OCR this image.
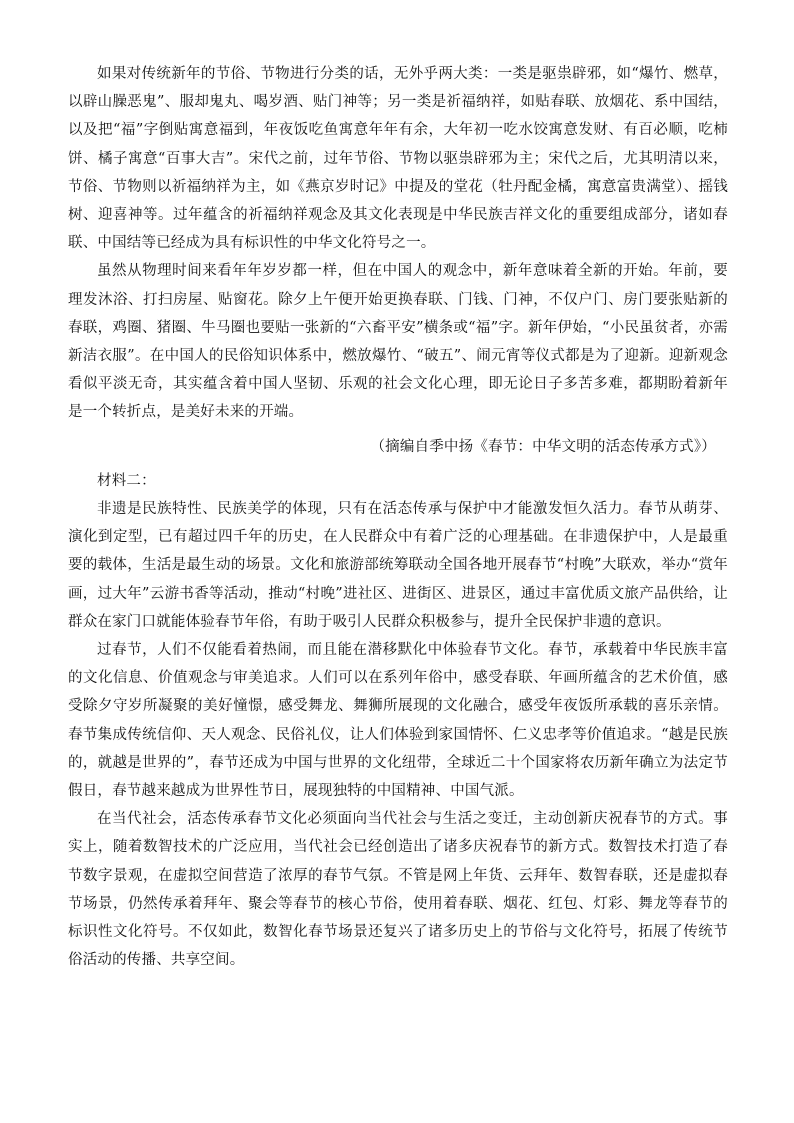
如果对传统新年的节俗、节物进行分类的话，无外乎两大类：一类是驱祟辟邪，如“爆竹、燃草，以辟山臊恶鬼”、服却鬼丸、喝岁酒、贴门神等；另一类是祈福纳祥，如贴春联、放烟花、系中国结，以及把“福”字倒贴寓意福到，年夜饭吃鱼寓意年年有余，大年初一吃水饺寓意发财、有百必顺，吃柿饼、橘子寓意“百事大吉”。宋代之前，过年节俗、节物以驱祟辟邪为主；宋代之后，尤其明清以来，节俗、节物则以祈福纳祥为主，如《燕京岁时记》中提及的堂花（牡丹配金橘，寓意富贵满堂）、摇钱树、迎喜神等。过年蕴含的祈福纳祥观念及其文化表现是中华民族吉祥文化的重要组成部分，诸如春联、中国结等已经成为具有标识性的中华文化符号之一。

虽然从物理时间来看年年岁岁都一样，但在中国人的观念中，新年意味着全新的开始。年前，要理发沐浴、打扫房屋、贴窗花。除夕上午便开始更换春联、门钱、门神，不仅户门、房门要张贴新的春联，鸡圈、猪圈、牛马圈也要贴一张新的“六畜平安”横条或“福”字。新年伊始，“小民虽贫者，亦需新洁衣服”。在中国人的民俗知识体系中，燃放爆竹、“破五”、闹元宵等仪式都是为了迎新。迎新观念看似平淡无奇，其实蕴含着中国人坚韧、乐观的社会文化心理，即无论日子多苦多难，都期盼着新年是一个转折点，是美好未来的开端。

（摘编自季中扬《春节：中华文明的活态传承方式》）

材料二：

非遗是民族特性、民族美学的体现，只有在活态传承与保护中才能激发恒久活力。春节从萌芽、演化到定型，已有超过四千年的历史，在人民群众中有着广泛的心理基础。在非遗保护中，人是最重要的载体，生活是最生动的场景。文化和旅游部统筹联动全国各地开展春节“村晚”大联欢，举办“赏年画，过大年”云游书香等活动，推动“村晚”进社区、进街区、进景区，通过丰富优质文旅产品供给，让群众在家门口就能体验春节年俗，有助于吸引人民群众积极参与，提升全民保护非遗的意识。

过春节，人们不仅能看着热闹，而且能在潜移默化中体验春节文化。春节，承载着中华民族丰富的文化信息、价值观念与审美追求。人们可以在系列年俗中，感受春联、年画所蕴含的艺术价值，感受除夕守岁所凝聚的美好憧憬，感受舞龙、舞狮所展现的文化融合，感受年夜饭所承载的喜乐亲情。春节集成传统信仰、天人观念、民俗礼仪，让人们体验到家国情怀、仁义忠孝等价值追求。“越是民族的，就越是世界的”，春节还成为中国与世界的文化纽带，全球近二十个国家将农历新年确立为法定节假日，春节越来越成为世界性节日，展现独特的中国精神、中国气派。

在当代社会，活态传承春节文化必须面向当代社会与生活之变迁，主动创新庆祝春节的方式。事实上，随着数智技术的广泛应用，当代社会已经创造出了诸多庆祝春节的新方式。数智技术打造了春节数字景观，在虚拟空间营造了浓厚的春节气氛。不管是网上年货、云拜年、数智春联，还是虚拟春节场景，仍然传承着拜年、聚会等春节的核心节俗，使用着春联、烟花、红包、灯彩、舞龙等春节的标识性文化符号。不仅如此，数智化春节场景还复兴了诸多历史上的节俗与文化符号，拓展了传统节俗活动的传播、共享空间。
